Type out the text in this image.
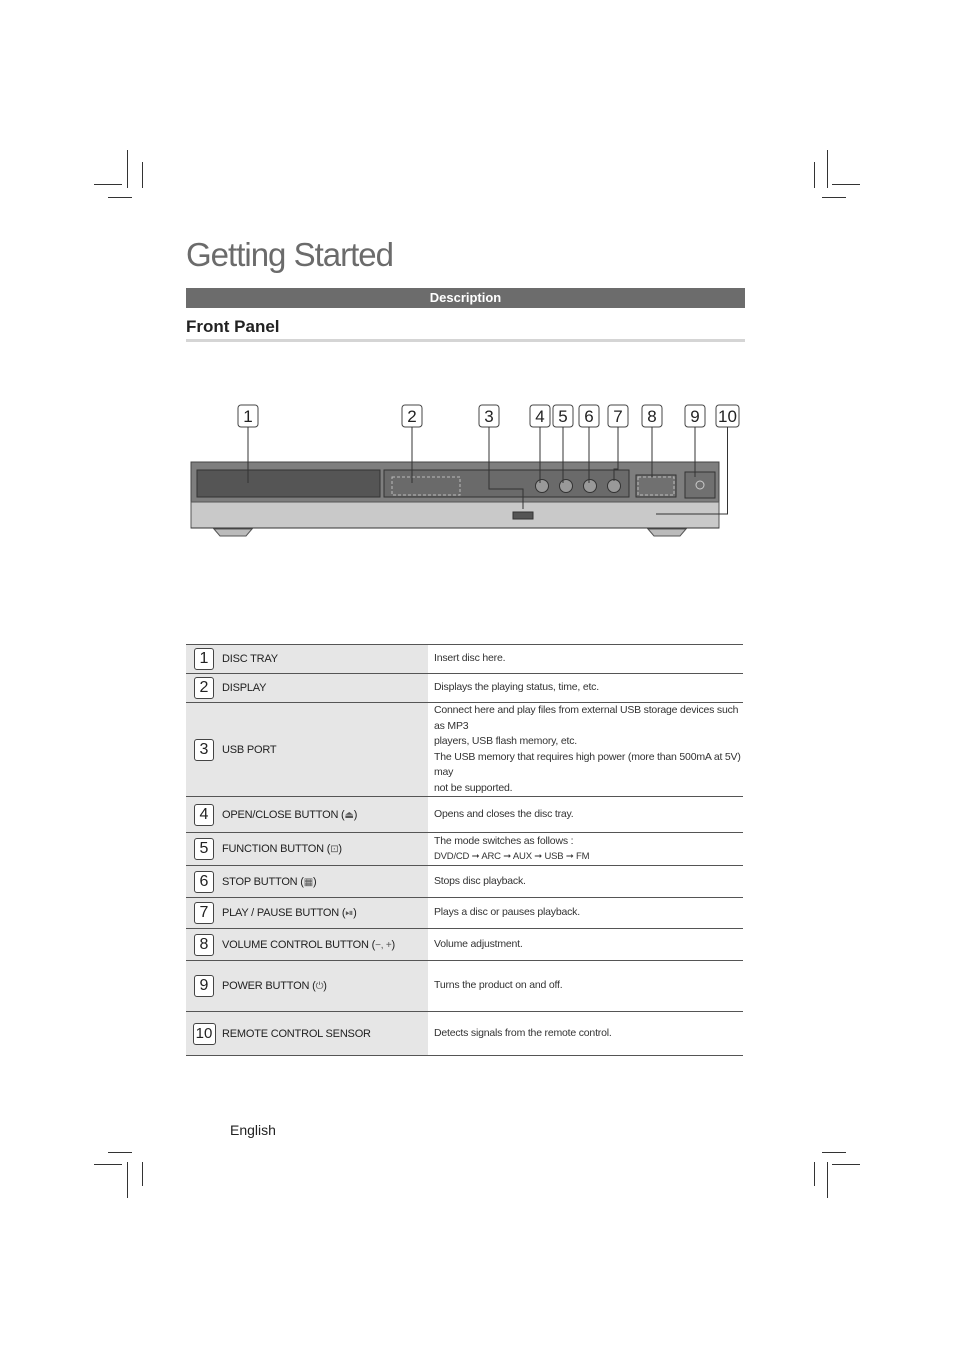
Getting Started
Description
Front Panel
1	2	3 4 5 6 7 8 9 10
1	DISC TRAY	Insert disc here.

2	DISPLAY	Displays the playing status, time, etc.

3	USB PORT	Connect here and play files from external USB storage devices such as MP3
players, USB flash memory, etc.
The USB memory that requires high power (more than 500mA at 5V) may
not be supported.

4	OPEN/CLOSE BUTTON (⏏)	Opens and closes the disc tray.

5	FUNCTION BUTTON (⊡)	The mode switches as follows :
DVD/CD ➞ ARC ➞ AUX ➞ USB ➞ FM

6	STOP BUTTON (▦)	Stops disc playback.

7	PLAY / PAUSE BUTTON (⏯)	Plays a disc or pauses playback.

8	VOLUME CONTROL BUTTON (−, +)	Volume adjustment.

9	POWER BUTTON (⏻)	Turns the product on and off.

10	REMOTE CONTROL SENSOR	Detects signals from the remote control.
English
